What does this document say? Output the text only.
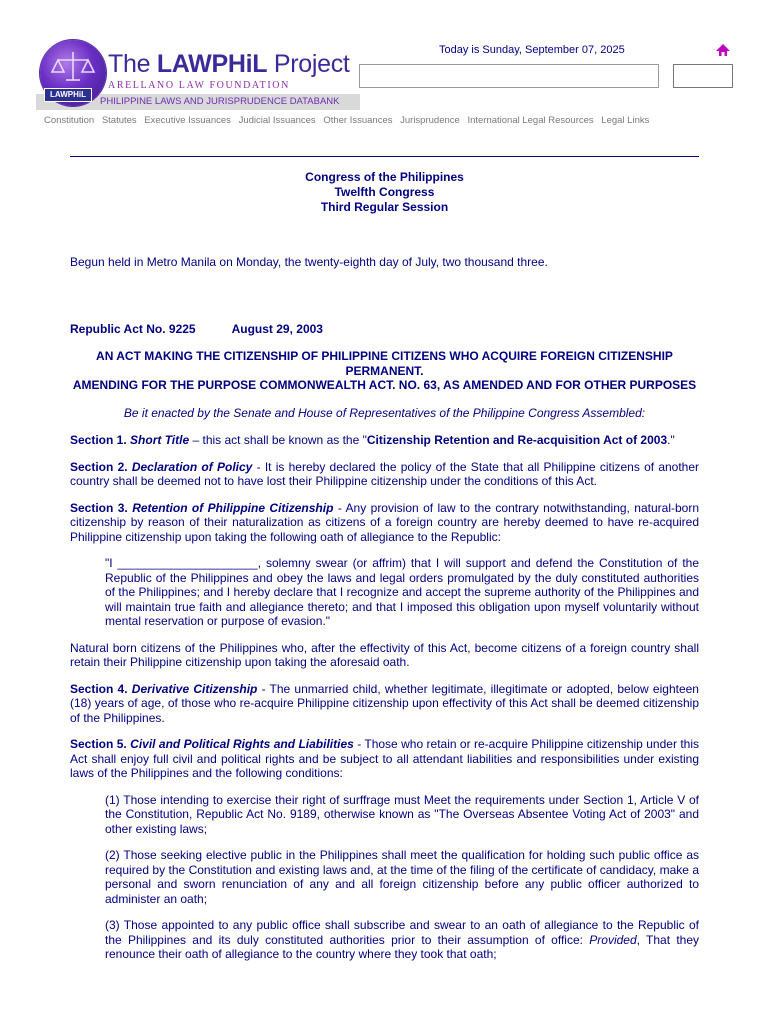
PHILIPPINE LAWS AND JURISPRUDENCE DATABANK
LAWPHiL
The LAWPHiL Project
ARELLANO LAW FOUNDATION
Today is Sunday, September 07, 2025
Constitution Statutes Executive Issuances Judicial Issuances Other Issuances Jurisprudence International Legal Resources Legal Links
Congress of the Philippines
Twelfth Congress
Third Regular Session

Begun held in Metro Manila on Monday, the twenty-eighth day of July, two thousand three.

Republic Act No. 9225	August 29, 2003

AN ACT MAKING THE CITIZENSHIP OF PHILIPPINE CITIZENS WHO ACQUIRE FOREIGN CITIZENSHIP PERMANENT.
AMENDING FOR THE PURPOSE COMMONWEALTH ACT. NO. 63, AS AMENDED AND FOR OTHER PURPOSES

Be it enacted by the Senate and House of Representatives of the Philippine Congress Assembled:

Section 1. Short Title – this act shall be known as the "Citizenship Retention and Re-acquisition Act of 2003."

Section 2. Declaration of Policy - It is hereby declared the policy of the State that all Philippine citizens of another country shall be deemed not to have lost their Philippine citizenship under the conditions of this Act.

Section 3. Retention of Philippine Citizenship - Any provision of law to the contrary notwithstanding, natural-born citizenship by reason of their naturalization as citizens of a foreign country are hereby deemed to have re-acquired Philippine citizenship upon taking the following oath of allegiance to the Republic:

"I _____________________, solemny swear (or affrim) that I will support and defend the Constitution of the Republic of the Philippines and obey the laws and legal orders promulgated by the duly constituted authorities of the Philippines; and I hereby declare that I recognize and accept the supreme authority of the Philippines and will maintain true faith and allegiance thereto; and that I imposed this obligation upon myself voluntarily without mental reservation or purpose of evasion."

Natural born citizens of the Philippines who, after the effectivity of this Act, become citizens of a foreign country shall retain their Philippine citizenship upon taking the aforesaid oath.

Section 4. Derivative Citizenship - The unmarried child, whether legitimate, illegitimate or adopted, below eighteen (18) years of age, of those who re-acquire Philippine citizenship upon effectivity of this Act shall be deemed citizenship of the Philippines.

Section 5. Civil and Political Rights and Liabilities - Those who retain or re-acquire Philippine citizenship under this Act shall enjoy full civil and political rights and be subject to all attendant liabilities and responsibilities under existing laws of the Philippines and the following conditions:

(1) Those intending to exercise their right of surffrage must Meet the requirements under Section 1, Article V of the Constitution, Republic Act No. 9189, otherwise known as "The Overseas Absentee Voting Act of 2003" and other existing laws;

(2) Those seeking elective public in the Philippines shall meet the qualification for holding such public office as required by the Constitution and existing laws and, at the time of the filing of the certificate of candidacy, make a personal and sworn renunciation of any and all foreign citizenship before any public officer authorized to administer an oath;

(3) Those appointed to any public office shall subscribe and swear to an oath of allegiance to the Republic of the Philippines and its duly constituted authorities prior to their assumption of office: Provided, That they renounce their oath of allegiance to the country where they took that oath;
